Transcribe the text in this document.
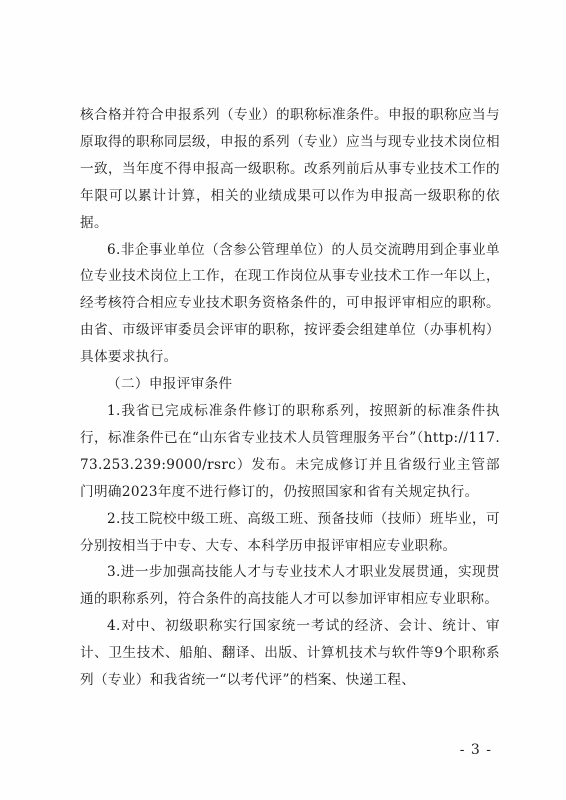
核合格并符合申报系列（专业）的职称标准条件。申报的职称应当与原取得的职称同层级，申报的系列（专业）应当与现专业技术岗位相一致，当年度不得申报高一级职称。改系列前后从事专业技术工作的年限可以累计计算，相关的业绩成果可以作为申报高一级职称的依据。

6.非企事业单位（含参公管理单位）的人员交流聘用到企事业单位专业技术岗位上工作，在现工作岗位从事专业技术工作一年以上，经考核符合相应专业技术职务资格条件的，可申报评审相应的职称。由省、市级评审委员会评审的职称，按评委会组建单位（办事机构）具体要求执行。

（二）申报评审条件

1.我省已完成标准条件修订的职称系列，按照新的标准条件执行，标准条件已在“山东省专业技术人员管理服务平台”（http://117.73.253.239:9000/rsrc）发布。未完成修订并且省级行业主管部门明确2023年度不进行修订的，仍按照国家和省有关规定执行。

2.技工院校中级工班、高级工班、预备技师（技师）班毕业，可分别按相当于中专、大专、本科学历申报评审相应专业职称。

3.进一步加强高技能人才与专业技术人才职业发展贯通，实现贯通的职称系列，符合条件的高技能人才可以参加评审相应专业职称。

4.对中、初级职称实行国家统一考试的经济、会计、统计、审计、卫生技术、船舶、翻译、出版、计算机技术与软件等9个职称系列（专业）和我省统一“以考代评”的档案、快递工程、

- 3 -
